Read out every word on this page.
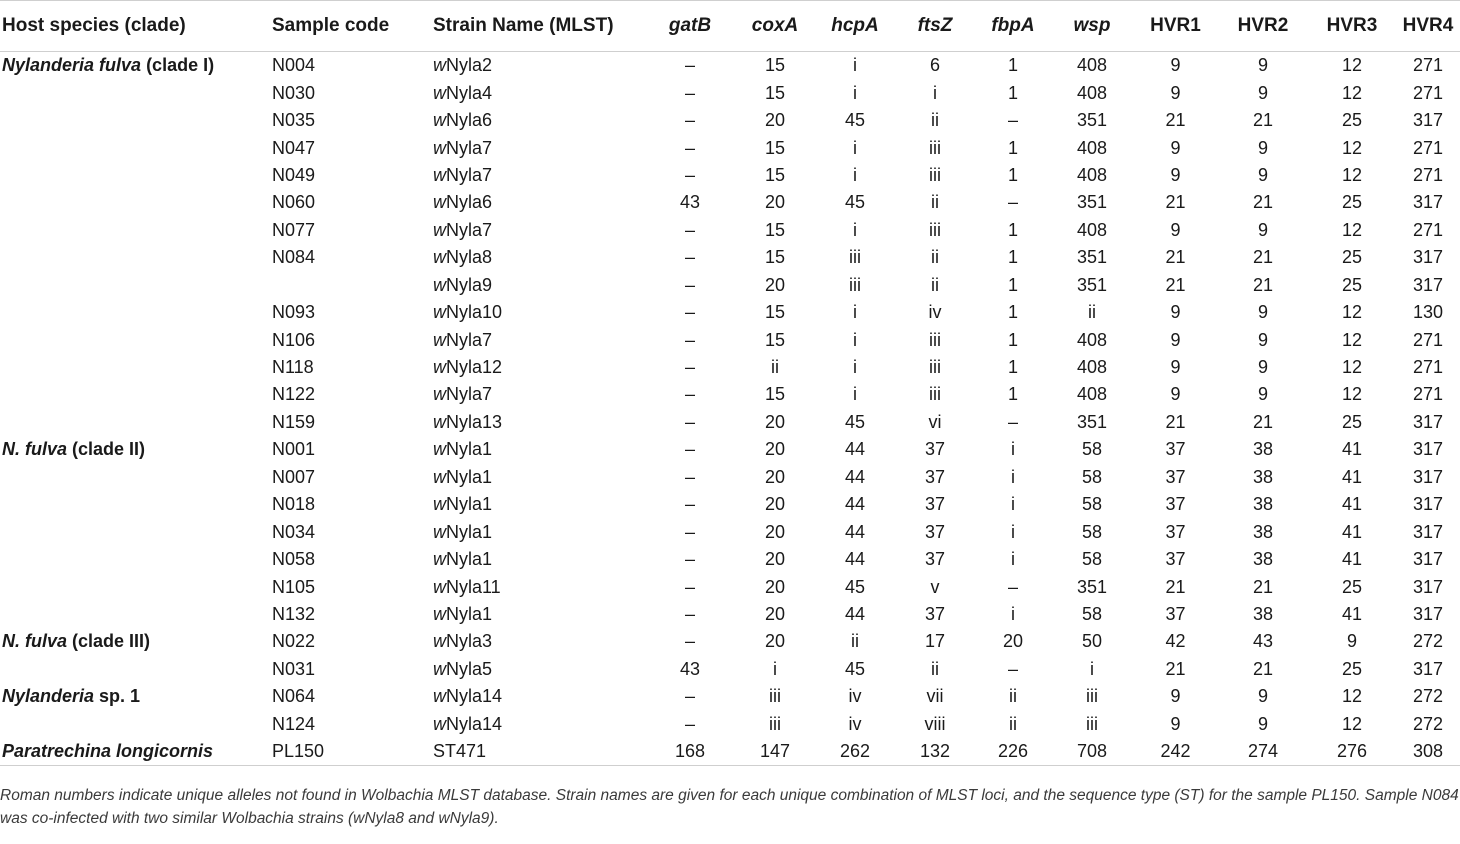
Host species (clade)	Sample code	Strain Name (MLST)	gatB	coxA	hcpA	ftsZ	fbpA	wsp	HVR1	HVR2	HVR3	HVR4
Nylanderia fulva (clade I)	N004	wNyla2	–	15	i	6	1	408	9	9	12	271
	N030	wNyla4	–	15	i	i	1	408	9	9	12	271
	N035	wNyla6	–	20	45	ii	–	351	21	21	25	317
	N047	wNyla7	–	15	i	iii	1	408	9	9	12	271
	N049	wNyla7	–	15	i	iii	1	408	9	9	12	271
	N060	wNyla6	43	20	45	ii	–	351	21	21	25	317
	N077	wNyla7	–	15	i	iii	1	408	9	9	12	271
	N084	wNyla8	–	15	iii	ii	1	351	21	21	25	317
		wNyla9	–	20	iii	ii	1	351	21	21	25	317
	N093	wNyla10	–	15	i	iv	1	ii	9	9	12	130
	N106	wNyla7	–	15	i	iii	1	408	9	9	12	271
	N118	wNyla12	–	ii	i	iii	1	408	9	9	12	271
	N122	wNyla7	–	15	i	iii	1	408	9	9	12	271
	N159	wNyla13	–	20	45	vi	–	351	21	21	25	317
N. fulva (clade II)	N001	wNyla1	–	20	44	37	i	58	37	38	41	317
	N007	wNyla1	–	20	44	37	i	58	37	38	41	317
	N018	wNyla1	–	20	44	37	i	58	37	38	41	317
	N034	wNyla1	–	20	44	37	i	58	37	38	41	317
	N058	wNyla1	–	20	44	37	i	58	37	38	41	317
	N105	wNyla11	–	20	45	v	–	351	21	21	25	317
	N132	wNyla1	–	20	44	37	i	58	37	38	41	317
N. fulva (clade III)	N022	wNyla3	–	20	ii	17	20	50	42	43	9	272
	N031	wNyla5	43	i	45	ii	–	i	21	21	25	317
Nylanderia sp. 1	N064	wNyla14	–	iii	iv	vii	ii	iii	9	9	12	272
	N124	wNyla14	–	iii	iv	viii	ii	iii	9	9	12	272
Paratrechina longicornis	PL150	ST471	168	147	262	132	226	708	242	274	276	308
Roman numbers indicate unique alleles not found in Wolbachia MLST database. Strain names are given for each unique combination of MLST loci, and the sequence type (ST) for the sample PL150. Sample N084 was co-infected with two similar Wolbachia strains (wNyla8 and wNyla9).
